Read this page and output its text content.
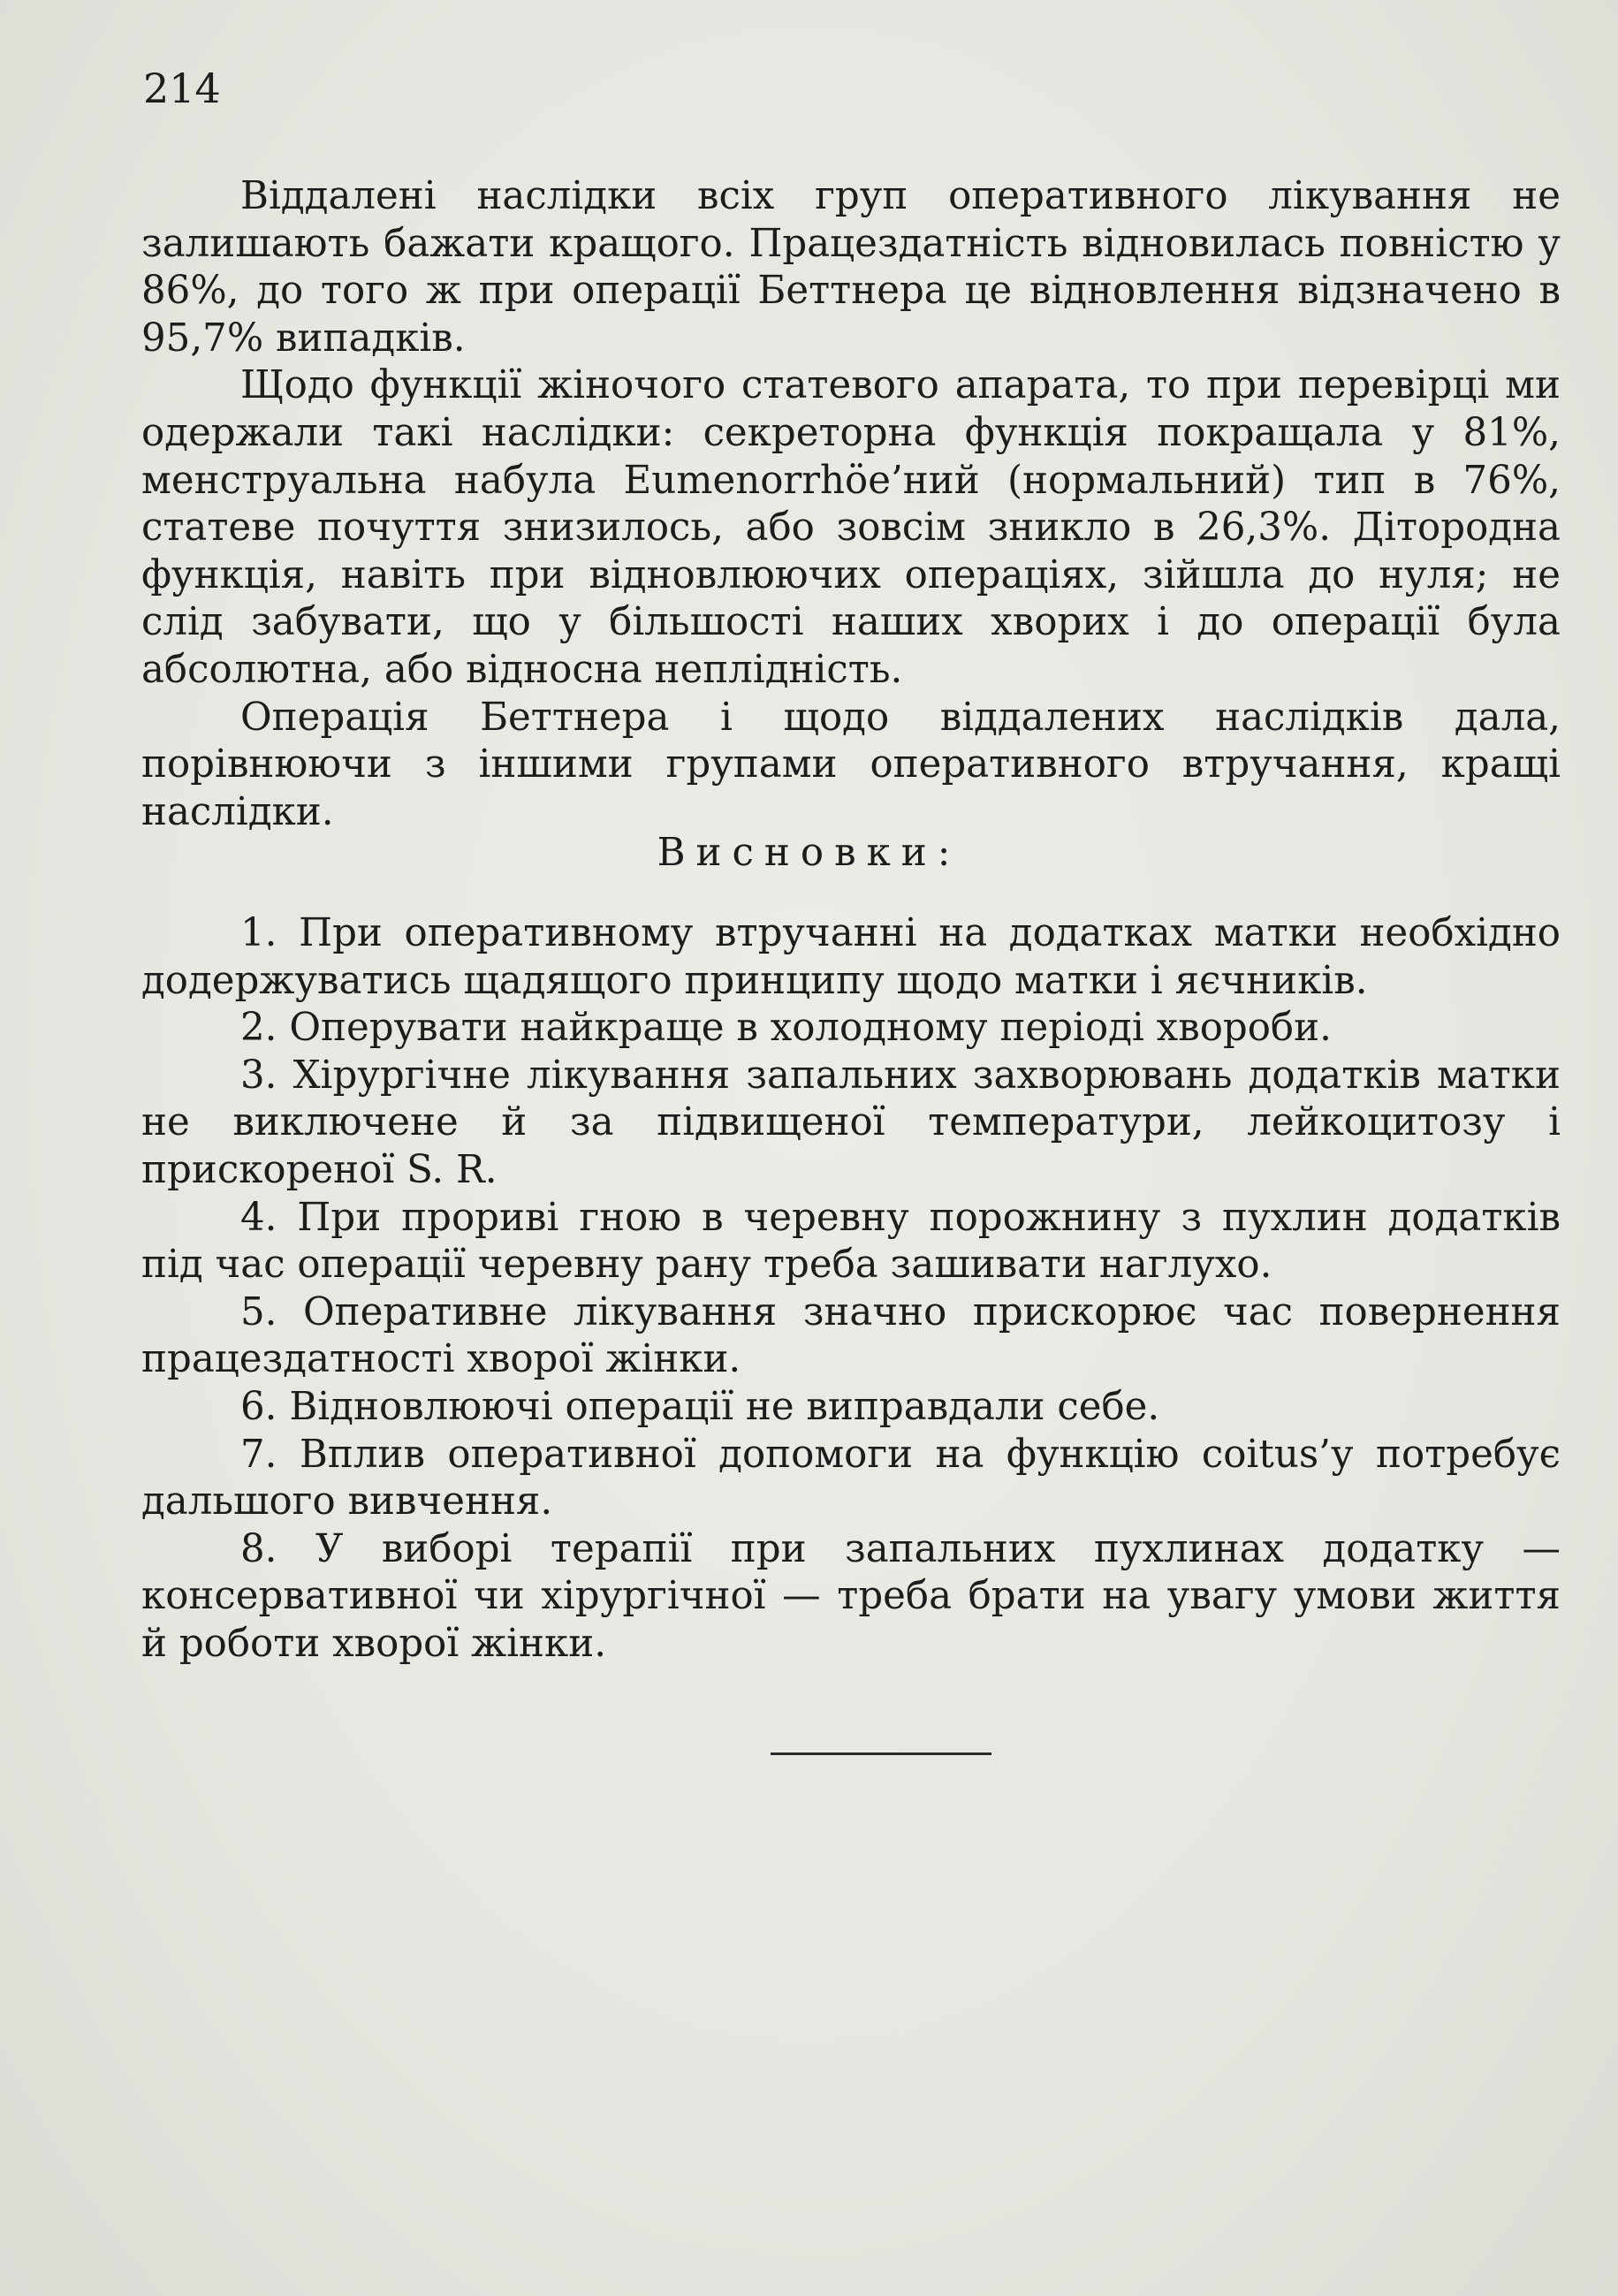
214

Віддалені наслідки всіх груп оперативного лікування не залишають бажати кращого. Працездатність відновилась повністю у 86%, до того ж при операції Беттнера це відновлення відзначено в 95,7% випадків.

Щодо функції жіночого статевого апарата, то при перевірці ми одержали такі наслідки: секреторна функція покращала у 81%, менструальна набула Eumenorrhöe’ний (нормальний) тип в 76%, статеве почуття знизилось, або зовсім зникло в 26,3%. Дітородна функція, навіть при відновлюючих операціях, зійшла до нуля; не слід забувати, що у більшості наших хворих і до операції була абсолютна, або відносна неплідність.

Операція Беттнера і щодо віддалених наслідків дала, порівнюючи з іншими групами оперативного втручання, кращі наслідки.

Висновки:
1. При оперативному втручанні на додатках матки необхідно додержуватись щадящого принципу щодо матки і яєчників.
2. Оперувати найкраще в холодному періоді хвороби.
3. Хірургічне лікування запальних захворювань додатків матки не виключене й за підвищеної температури, лейкоцитозу і прискореної S. R.
4. При прориві гною в черевну порожнину з пухлин додатків під час операції черевну рану треба зашивати наглухо.
5. Оперативне лікування значно прискорює час повернення працездатності хворої жінки.
6. Відновлюючі операції не виправдали себе.
7. Вплив оперативної допомоги на функцію coitus’у потребує дальшого вивчення.
8. У виборі терапії при запальних пухлинах додатку — консервативної чи хірургічної — треба брати на увагу умови життя й роботи хворої жінки.
